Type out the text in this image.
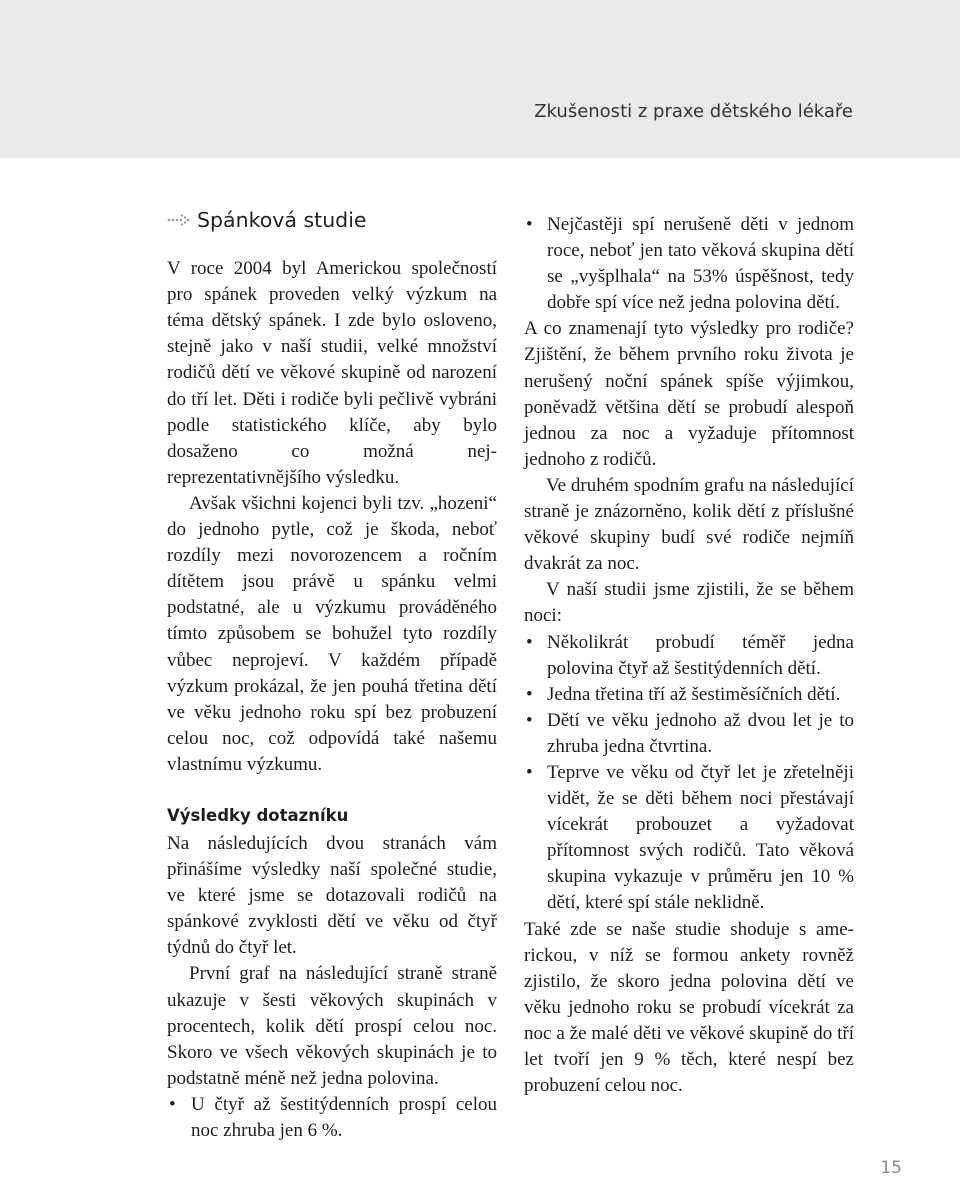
Zkušenosti z praxe dětského lékaře
Spánková studie

V roce 2004 byl Americkou společností pro spánek proveden velký výzkum na téma dětský spánek. I zde bylo osloveno, stejně jako v naší studii, velké množství rodičů dětí ve věkové skupině od narození do tří let. Děti i rodiče byli pečlivě vybráni podle statistického klíče, aby bylo dosaženo co možná nejreprezentativnějšího výsledku.

Avšak všichni kojenci byli tzv. „hozeni“ do jednoho pytle, což je škoda, neboť rozdíly mezi novorozencem a ročním dítětem jsou právě u spánku velmi podstatné, ale u výzkumu prováděného tímto způsobem se bohužel tyto rozdíly vůbec neprojeví. V každém případě výzkum prokázal, že jen pouhá třetina dětí ve věku jednoho roku spí bez probuzení celou noc, což odpovídá také našemu vlastnímu výzkumu.

Výsledky dotazníku

Na následujících dvou stranách vám přinášíme výsledky naší společné studie, ve které jsme se dotazovali rodičů na spánkové zvyklosti dětí ve věku od čtyř týdnů do čtyř let.

První graf na následující straně straně ukazuje v šesti věkových skupinách v procentech, kolik dětí prospí celou noc. Skoro ve všech věkových skupinách je to podstatně méně než jedna polovina.

• U čtyř až šestitýdenních prospí celou noc zhruba jen 6 %.
• Nejčastěji spí nerušeně děti v jednom roce, neboť jen tato věková skupina dětí se „vyšplhala“ na 53% úspěšnost, tedy dobře spí více než jedna polovina dětí.

A co znamenají tyto výsledky pro rodiče? Zjištění, že během prvního roku života je nerušený noční spánek spíše výjimkou, poněvadž většina dětí se probudí alespoň jednou za noc a vyžaduje přítomnost jednoho z rodičů.

Ve druhém spodním grafu na následující straně je znázorněno, kolik dětí z příslušné věkové skupiny budí své rodiče nejmíň dvakrát za noc.

V naší studii jsme zjistili, že se během noci:

• Několikrát probudí téměř jedna polovina čtyř až šestitýdenních dětí.
• Jedna třetina tří až šestiměsíčních dětí.
• Dětí ve věku jednoho až dvou let je to zhruba jedna čtvrtina.
• Teprve ve věku od čtyř let je zřetelněji vidět, že se děti během noci přestávají vícekrát probouzet a vyžadovat přítomnost svých rodičů. Tato věková skupina vykazuje v průměru jen 10 % dětí, které spí stále neklidně.

Také zde se naše studie shoduje s americkou, v níž se formou ankety rovněž zjistilo, že skoro jedna polovina dětí ve věku jednoho roku se probudí vícekrát za noc a že malé děti ve věkové skupině do tří let tvoří jen 9 % těch, které nespí bez probuzení celou noc.

15
